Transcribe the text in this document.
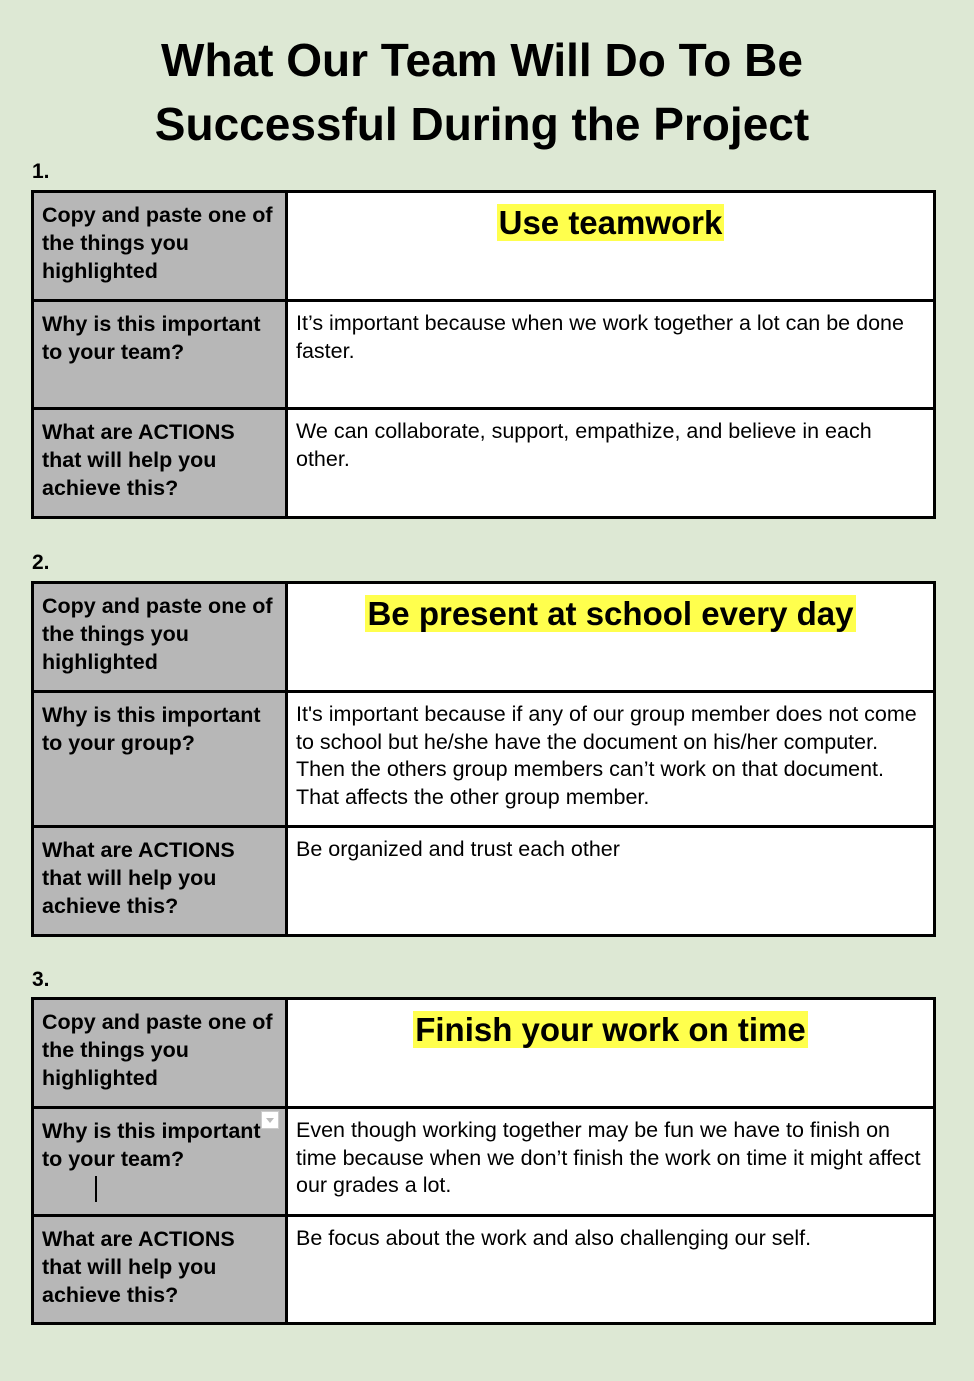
What Our Team Will Do To Be
Successful During the Project
1.
Copy and paste one of the things you highlighted	Use teamwork
Why is this important to your team?	It’s important because when we work together a lot can be done faster.
What are ACTIONS that will help you achieve this?	We can collaborate, support, empathize, and believe in each other.
2.
Copy and paste one of the things you highlighted	Be present at school every day
Why is this important to your group?	It's important because if any of our group member does not come to school but he/she have the document on his/her computer. Then the others group members can’t work on that document. That affects the other group member.
What are ACTIONS that will help you achieve this?	Be organized and trust each other
3.
Copy and paste one of the things you highlighted	Finish your work on time
Why is this important to your team?	Even though working together may be fun we have to finish on time because when we don’t finish the work on time it might affect our grades a lot.
What are ACTIONS that will help you achieve this?	Be focus about the work and also challenging our self.
